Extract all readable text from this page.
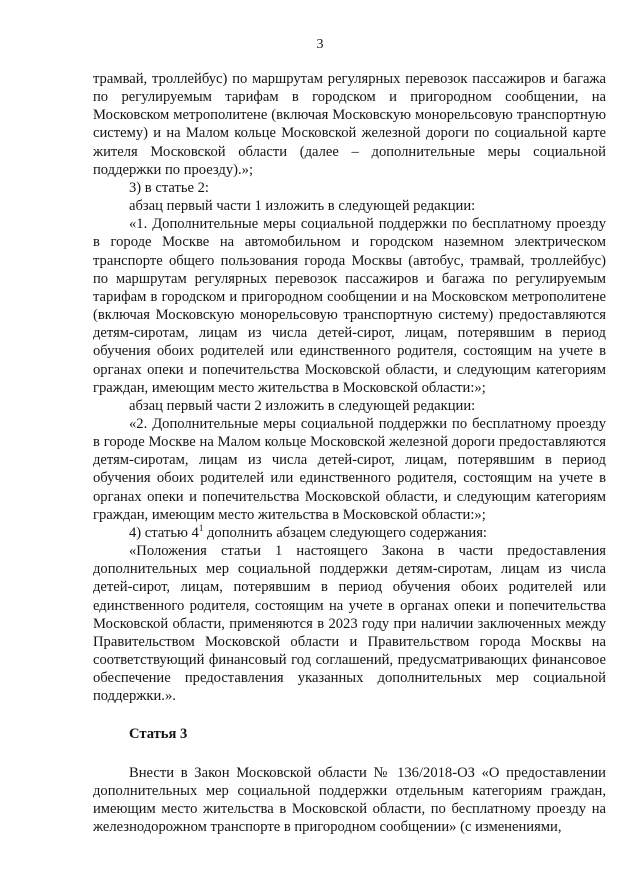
3

трамвай, троллейбус) по маршрутам регулярных перевозок пассажиров и багажа по регулируемым тарифам в городском и пригородном сообщении, на Московском метрополитене (включая Московскую монорельсовую транспортную систему) и на Малом кольце Московской железной дороги по социальной карте жителя Московской области (далее – дополнительные меры социальной поддержки по проезду).»;

3) в статье 2:

абзац первый части 1 изложить в следующей редакции:

«1. Дополнительные меры социальной поддержки по бесплатному проезду в городе Москве на автомобильном и городском наземном электрическом транспорте общего пользования города Москвы (автобус, трамвай, троллейбус) по маршрутам регулярных перевозок пассажиров и багажа по регулируемым тарифам в городском и пригородном сообщении и на Московском метрополитене (включая Московскую монорельсовую транспортную систему) предоставляются детям-сиротам, лицам из числа детей-сирот, лицам, потерявшим в период обучения обоих родителей или единственного родителя, состоящим на учете в органах опеки и попечительства Московской области, и следующим категориям граждан, имеющим место жительства в Московской области:»;

абзац первый части 2 изложить в следующей редакции:

«2. Дополнительные меры социальной поддержки по бесплатному проезду в городе Москве на Малом кольце Московской железной дороги предоставляются детям-сиротам, лицам из числа детей-сирот, лицам, потерявшим в период обучения обоих родителей или единственного родителя, состоящим на учете в органах опеки и попечительства Московской области, и следующим категориям граждан, имеющим место жительства в Московской области:»;

4) статью $4^1$ дополнить абзацем следующего содержания:

«Положения статьи 1 настоящего Закона в части предоставления дополнительных мер социальной поддержки детям-сиротам, лицам из числа детей-сирот, лицам, потерявшим в период обучения обоих родителей или единственного родителя, состоящим на учете в органах опеки и попечительства Московской области, применяются в 2023 году при наличии заключенных между Правительством Московской области и Правительством города Москвы на соответствующий финансовый год соглашений, предусматривающих финансовое обеспечение предоставления указанных дополнительных мер социальной поддержки.».

Статья 3

Внести в Закон Московской области № 136/2018-ОЗ «О предоставлении дополнительных мер социальной поддержки отдельным категориям граждан, имеющим место жительства в Московской области, по бесплатному проезду на железнодорожном транспорте в пригородном сообщении» (с изменениями,
